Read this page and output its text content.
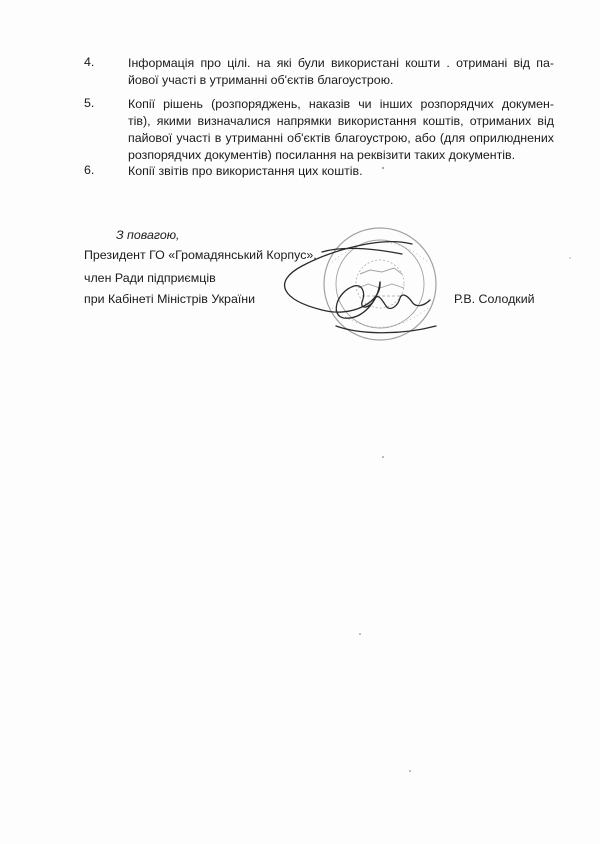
4.	Інформація про цілі. на які були використані кошти . отримані від па-
йової участі в утриманні об'єктів благоустрою.
5.	Копії рішень (розпоряджень, наказів чи інших розпорядчих докумен-
тів), якими визначалися напрямки використання коштів, отриманих від
пайової участі в утриманні об'єктів благоустрою, або (для оприлюднених
розпорядчих документів) посилання на реквізити таких документів.
6.	Копії звітів про використання цих коштів.
З повагою,
Президент ГО «Громадянський Корпус»,
член Ради підприємців
при Кабінеті Міністрів України	Р.В. Солодкий
